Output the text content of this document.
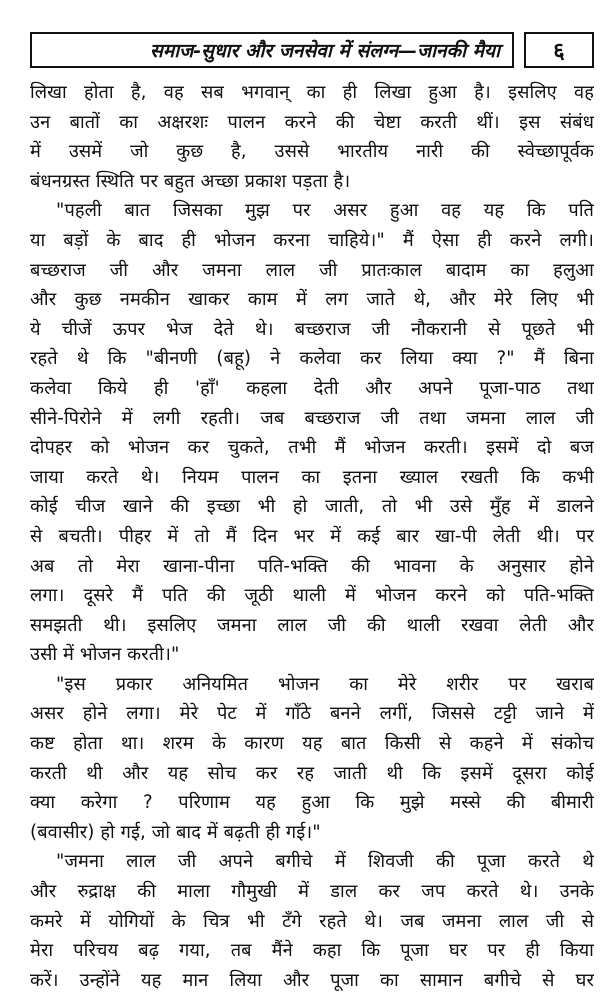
समाज-सुधार और जनसेवा में संलग्न—जानकी मैया ६
लिखा होता है, वह सब भगवान् का ही लिखा हुआ है। इसलिए वह
उन बातों का अक्षरशः पालन करने की चेष्टा करती थीं। इस संबंध
में उसमें जो कुछ है, उससे भारतीय नारी की स्वेच्छापूर्वक
बंधनग्रस्त स्थिति पर बहुत अच्छा प्रकाश पड़ता है।
"पहली बात जिसका मुझ पर असर हुआ वह यह कि पति
या बड़ों के बाद ही भोजन करना चाहिये।" मैं ऐसा ही करने लगी।
बच्छराज जी और जमना लाल जी प्रातःकाल बादाम का हलुआ
और कुछ नमकीन खाकर काम में लग जाते थे, और मेरे लिए भी
ये चीजें ऊपर भेज देते थे। बच्छराज जी नौकरानी से पूछते भी
रहते थे कि "बीनणी (बहू) ने कलेवा कर लिया क्या ?" मैं बिना
कलेवा किये ही 'हाँ' कहला देती और अपने पूजा-पाठ तथा
सीने-पिरोने में लगी रहती। जब बच्छराज जी तथा जमना लाल जी
दोपहर को भोजन कर चुकते, तभी मैं भोजन करती। इसमें दो बज
जाया करते थे। नियम पालन का इतना ख्याल रखती कि कभी
कोई चीज खाने की इच्छा भी हो जाती, तो भी उसे मुँह में डालने
से बचती। पीहर में तो मैं दिन भर में कई बार खा-पी लेती थी। पर
अब तो मेरा खाना-पीना पति-भक्ति की भावना के अनुसार होने
लगा। दूसरे मैं पति की जूठी थाली में भोजन करने को पति-भक्ति
समझती थी। इसलिए जमना लाल जी की थाली रखवा लेती और
उसी में भोजन करती।"
"इस प्रकार अनियमित भोजन का मेरे शरीर पर खराब
असर होने लगा। मेरे पेट में गाँठे बनने लगीं, जिससे टट्टी जाने में
कष्ट होता था। शरम के कारण यह बात किसी से कहने में संकोच
करती थी और यह सोच कर रह जाती थी कि इसमें दूसरा कोई
क्या करेगा ? परिणाम यह हुआ कि मुझे मस्से की बीमारी
(बवासीर) हो गई, जो बाद में बढ़ती ही गई।"
"जमना लाल जी अपने बगीचे में शिवजी की पूजा करते थे
और रुद्राक्ष की माला गौमुखी में डाल कर जप करते थे। उनके
कमरे में योगियों के चित्र भी टँगे रहते थे। जब जमना लाल जी से
मेरा परिचय बढ़ गया, तब मैंने कहा कि पूजा घर पर ही किया
करें। उन्होंने यह मान लिया और पूजा का सामान बगीचे से घर
